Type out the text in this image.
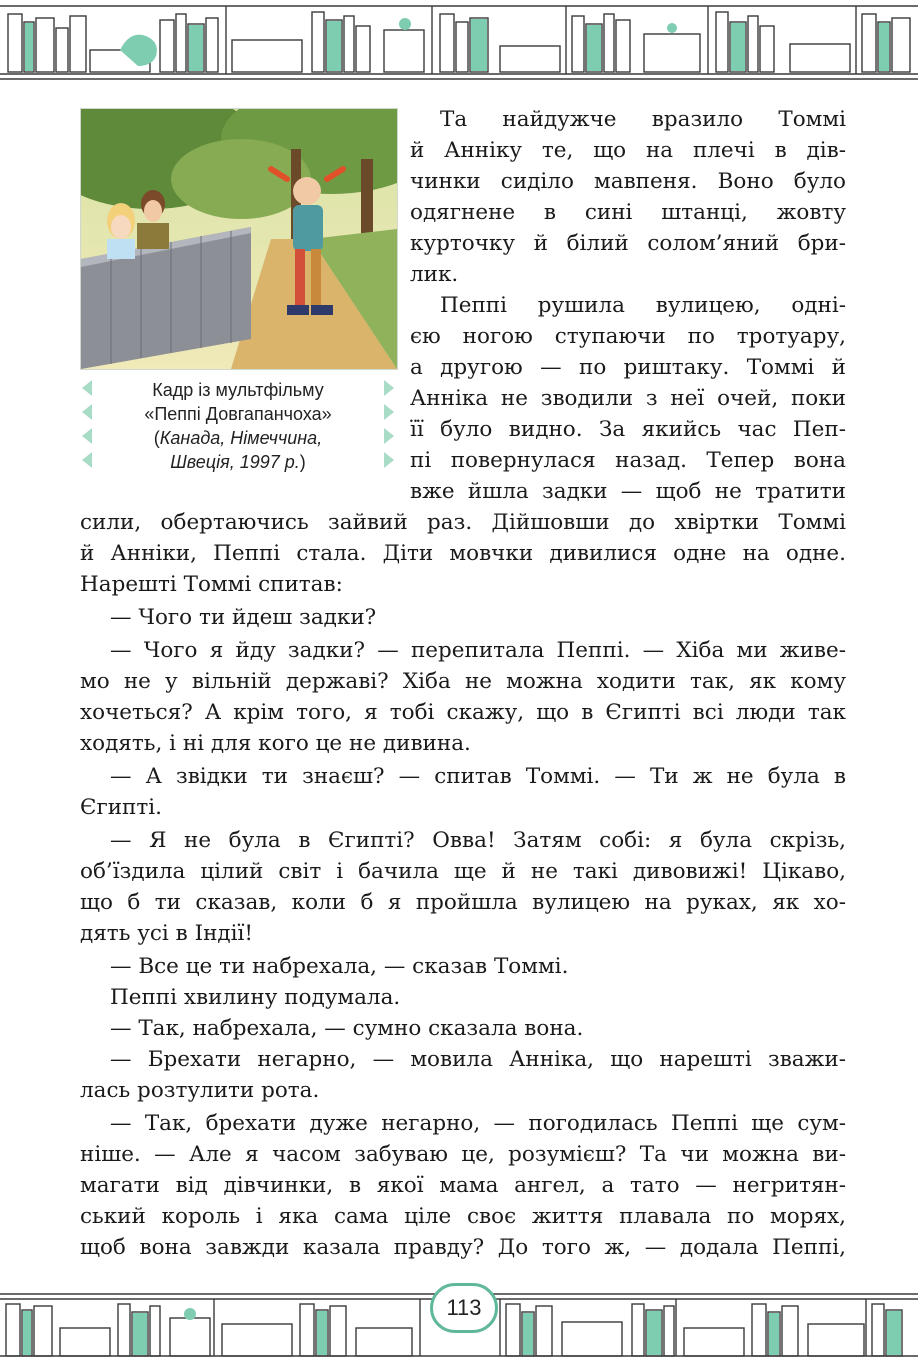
Кадр із мультфільму
«Пеппі Довгапанчоха»
(Канада, Німеччина,
Швеція, 1997 р.)
Та найдужче вразило Томмі
й Анніку те, що на плечі в дів-
чинки сиділо мавпеня. Воно було
одягнене в сині штанці, жовту
курточку й білий солом’яний бри-
лик.
Пеппі рушила вулицею, однi-
єю ногою ступаючи по тротуару,
а другою — по риштаку. Томмі й
Анніка не зводили з неї очей, поки
її було видно. За якийсь час Пеп-
пі повернулася назад. Тепер вона
вже йшла задки — щоб не тратити
сили, обертаючись зайвий раз. Дійшовши до хвіртки Томмі
й Анніки, Пеппі стала. Діти мовчки дивилися одне на одне.
Нарешті Томмі спитав:
— Чого ти йдеш задки?
— Чого я йду задки? — перепитала Пеппі. — Хіба ми живе-
мо не у вільній державі? Хіба не можна ходити так, як кому
хочеться? А крім того, я тобі скажу, що в Єгипті всі люди так
ходять, і ні для кого це не дивина.
— А звідки ти знаєш? — спитав Томмі. — Ти ж не була в
Єгипті.
— Я не була в Єгипті? Овва! Затям собі: я була скрізь,
об’їздила цілий світ і бачила ще й не такі дивовижі! Цікаво,
що б ти сказав, коли б я пройшла вулицею на руках, як хо-
дять усі в Індії!
— Все це ти набрехала, — сказав Томмі.
Пеппі хвилину подумала.
— Так, набрехала, — сумно сказала вона.
— Брехати негарно, — мовила Анніка, що нарешті зважи-
лась розтулити рота.
— Так, брехати дуже негарно, — погодилась Пеппі ще сум-
ніше. — Але я часом забуваю це, розумієш? Та чи можна ви-
магати від дівчинки, в якої мама ангел, а тато — негритян-
ський король і яка сама ціле своє життя плавала по морях,
щоб вона завжди казала правду? До того ж, — додала Пеппі,
113
